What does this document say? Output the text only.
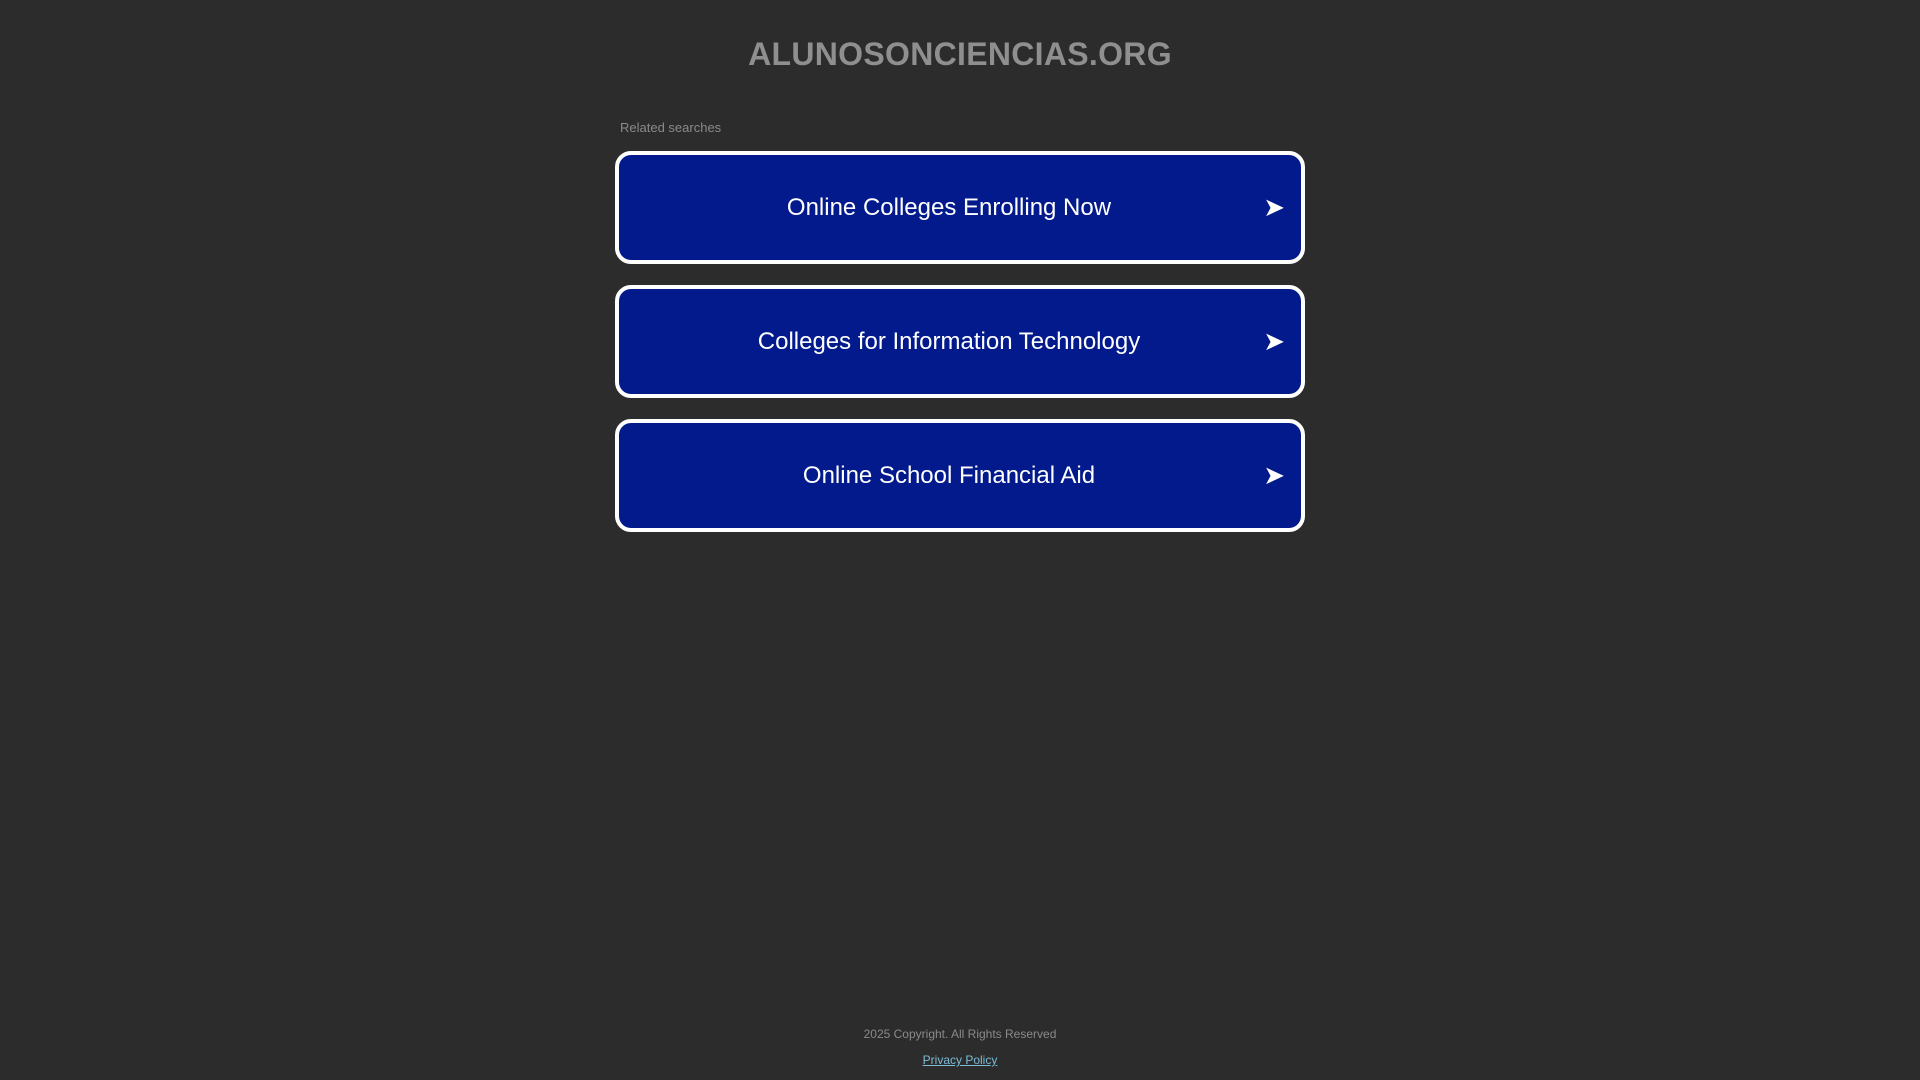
ALUNOSONCIENCIAS.ORG
Related searches
Online Colleges Enrolling Now	➤
Colleges for Information Technology	➤
Online School Financial Aid	➤
2025 Copyright. All Rights Reserved
Privacy Policy
